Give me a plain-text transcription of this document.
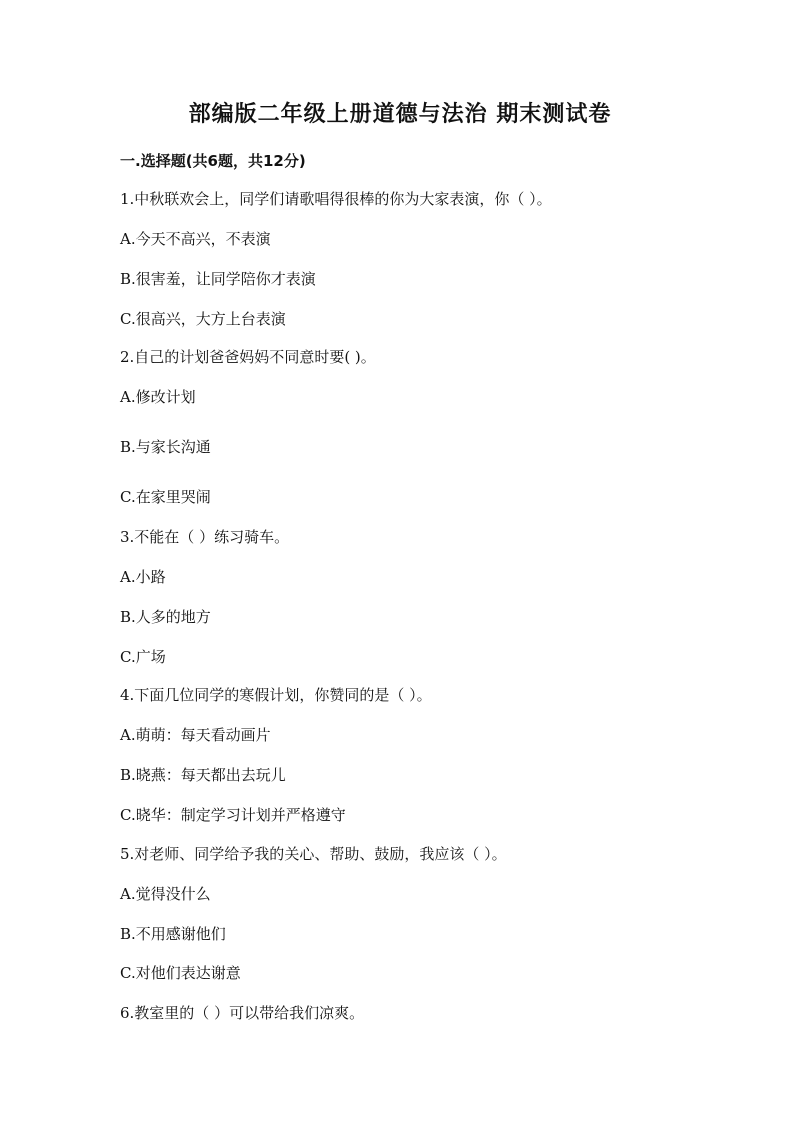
部编版二年级上册道德与法治 期末测试卷
一.选择题(共6题，共12分)
1.中秋联欢会上，同学们请歌唱得很棒的你为大家表演，你（ ）。
A.今天不高兴，不表演
B.很害羞，让同学陪你才表演
C.很高兴，大方上台表演
2.自己的计划爸爸妈妈不同意时要( )。
A.修改计划
B.与家长沟通
C.在家里哭闹
3.不能在（ ）练习骑车。
A.小路
B.人多的地方
C.广场
4.下面几位同学的寒假计划，你赞同的是（ ）。
A.萌萌：每天看动画片
B.晓燕：每天都出去玩儿
C.晓华：制定学习计划并严格遵守
5.对老师、同学给予我的关心、帮助、鼓励，我应该（ ）。
A.觉得没什么
B.不用感谢他们
C.对他们表达谢意
6.教室里的（ ）可以带给我们凉爽。
